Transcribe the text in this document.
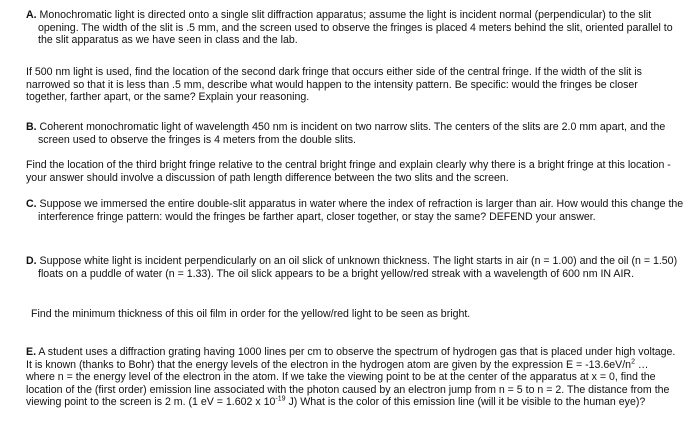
A. Monochromatic light is directed onto a single slit diffraction apparatus; assume the light is incident normal (perpendicular) to the slit opening. The width of the slit is .5 mm, and the screen used to observe the fringes is placed 4 meters behind the slit, oriented parallel to the slit apparatus as we have seen in class and the lab.

If 500 nm light is used, find the location of the second dark fringe that occurs either side of the central fringe. If the width of the slit is narrowed so that it is less than .5 mm, describe what would happen to the intensity pattern. Be specific: would the fringes be closer together, farther apart, or the same? Explain your reasoning.

B. Coherent monochromatic light of wavelength 450 nm is incident on two narrow slits. The centers of the slits are 2.0 mm apart, and the screen used to observe the fringes is 4 meters from the double slits.

Find the location of the third bright fringe relative to the central bright fringe and explain clearly why there is a bright fringe at this location - your answer should involve a discussion of path length difference between the two slits and the screen.

C. Suppose we immersed the entire double-slit apparatus in water where the index of refraction is larger than air. How would this change the interference fringe pattern: would the fringes be farther apart, closer together, or stay the same? DEFEND your answer.

D. Suppose white light is incident perpendicularly on an oil slick of unknown thickness. The light starts in air (n = 1.00) and the oil (n = 1.50) floats on a puddle of water (n = 1.33). The oil slick appears to be a bright yellow/red streak with a wavelength of 600 nm IN AIR.

Find the minimum thickness of this oil film in order for the yellow/red light to be seen as bright.

E. A student uses a diffraction grating having 1000 lines per cm to observe the spectrum of hydrogen gas that is placed under high voltage. It is known (thanks to Bohr) that the energy levels of the electron in the hydrogen atom are given by the expression $E = -13.6eV/n^2$ …where n = the energy level of the electron in the atom. If we take the viewing point to be at the center of the apparatus at x = 0, find the location of the (first order) emission line associated with the photon caused by an electron jump from n = 5 to n = 2. The distance from the viewing point to the screen is 2 m. (1 eV = 1.602 x $10^{-19}$ J) What is the color of this emission line (will it be visible to the human eye)?
